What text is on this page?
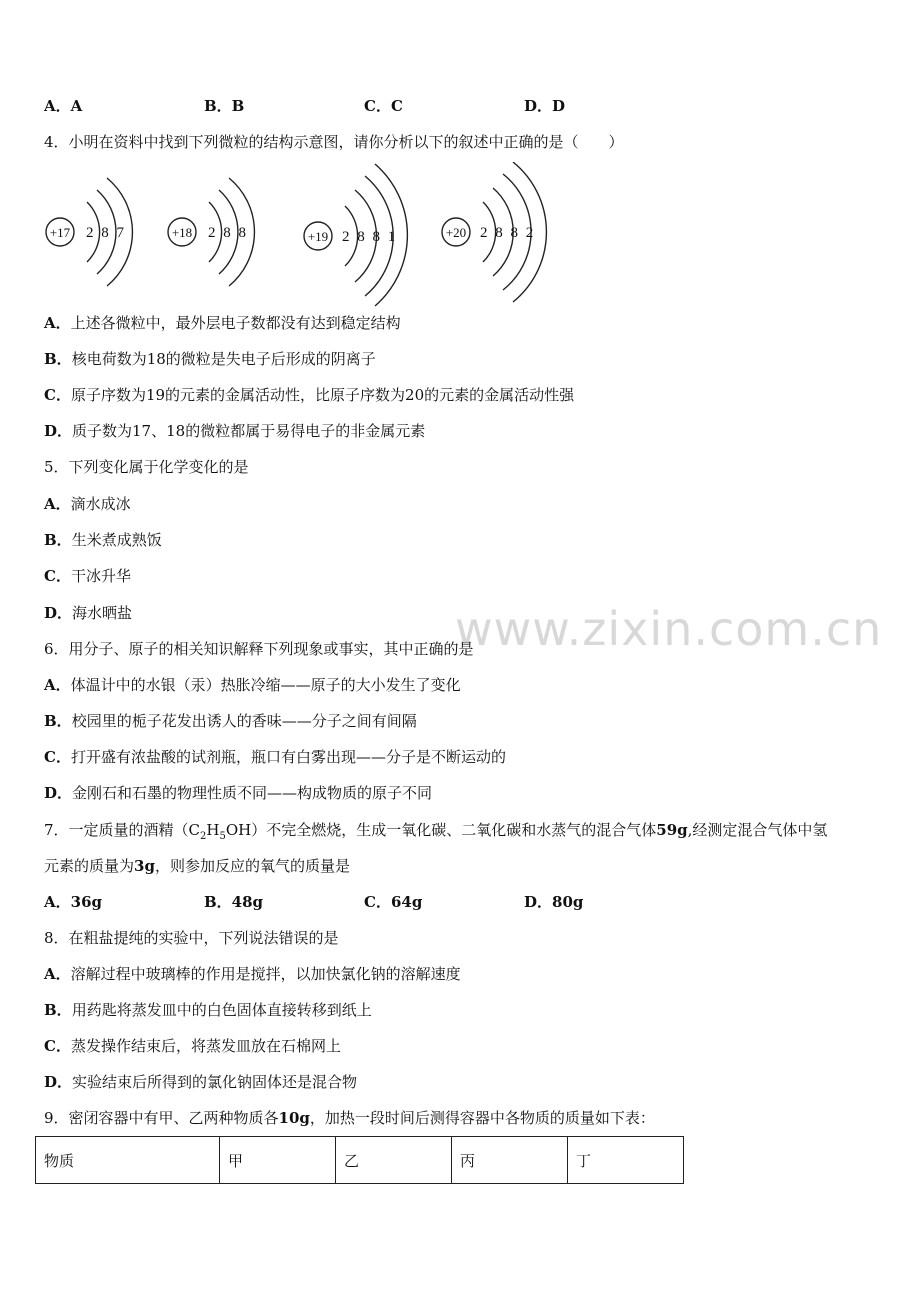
A．A	B．B	C．C	D．D
4．小明在资料中找到下列微粒的结构示意图，请你分析以下的叙述中正确的是（　　）
+17 2 8 7	+18 2 8 8	+19 2 8 8 1	+20 2 8 8 2
A．上述各微粒中，最外层电子数都没有达到稳定结构
B．核电荷数为18的微粒是失电子后形成的阴离子
C．原子序数为19的元素的金属活动性，比原子序数为20的元素的金属活动性强
D．质子数为17、18的微粒都属于易得电子的非金属元素
5．下列变化属于化学变化的是
A．滴水成冰
B．生米煮成熟饭
C．干冰升华
D．海水晒盐	www.zixin.com.cn
6．用分子、原子的相关知识解释下列现象或事实，其中正确的是
A．体温计中的水银（汞）热胀冷缩——原子的大小发生了变化
B．校园里的栀子花发出诱人的香味——分子之间有间隔
C．打开盛有浓盐酸的试剂瓶，瓶口有白雾出现——分子是不断运动的
D．金刚石和石墨的物理性质不同——构成物质的原子不同
7．一定质量的酒精$(C_2H_5OH)$不完全燃烧，生成一氧化碳、二氧化碳和水蒸气的混合气体59g,经测定混合气体中氢
元素的质量为3g，则参加反应的氧气的质量是
A．36g	B．48g	C．64g	D．80g
8．在粗盐提纯的实验中，下列说法错误的是
A．溶解过程中玻璃棒的作用是搅拌，以加快氯化钠的溶解速度
B．用药匙将蒸发皿中的白色固体直接转移到纸上
C．蒸发操作结束后，将蒸发皿放在石棉网上
D．实验结束后所得到的氯化钠固体还是混合物
9．密闭容器中有甲、乙两种物质各10g，加热一段时间后测得容器中各物质的质量如下表：
物质	甲	乙	丙	丁
